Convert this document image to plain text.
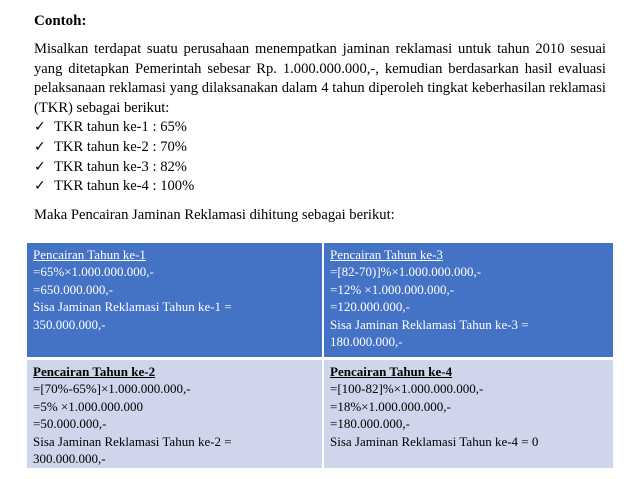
Contoh:
Misalkan terdapat suatu perusahaan menempatkan jaminan reklamasi untuk tahun 2010 sesuai yang ditetapkan Pemerintah sebesar Rp. 1.000.000.000,-, kemudian berdasarkan hasil evaluasi pelaksanaan reklamasi yang dilaksanakan dalam 4 tahun diperoleh tingkat keberhasilan reklamasi (TKR) sebagai berikut:
✓ TKR tahun ke-1 : 65%
✓ TKR tahun ke-2 : 70%
✓ TKR tahun ke-3 : 82%
✓ TKR tahun ke-4 : 100%
Maka Pencairan Jaminan Reklamasi dihitung sebagai berikut:
Pencairan Tahun ke-1
=65%×1.000.000.000,-
=650.000.000,-
Sisa Jaminan Reklamasi Tahun ke-1 =
350.000.000,-
Pencairan Tahun ke-3
=[82-70)]%×1.000.000.000,-
=12% ×1.000.000.000,-
=120.000.000,-
Sisa Jaminan Reklamasi Tahun ke-3 =
180.000.000,-
Pencairan Tahun ke-2
=[70%-65%]×1.000.000.000,-
=5% ×1.000.000.000
=50.000.000,-
Sisa Jaminan Reklamasi Tahun ke-2 =
300.000.000,-
Pencairan Tahun ke-4
=[100-82]%×1.000.000.000,-
=18%×1.000.000.000,-
=180.000.000,-
Sisa Jaminan Reklamasi Tahun ke-4 = 0
